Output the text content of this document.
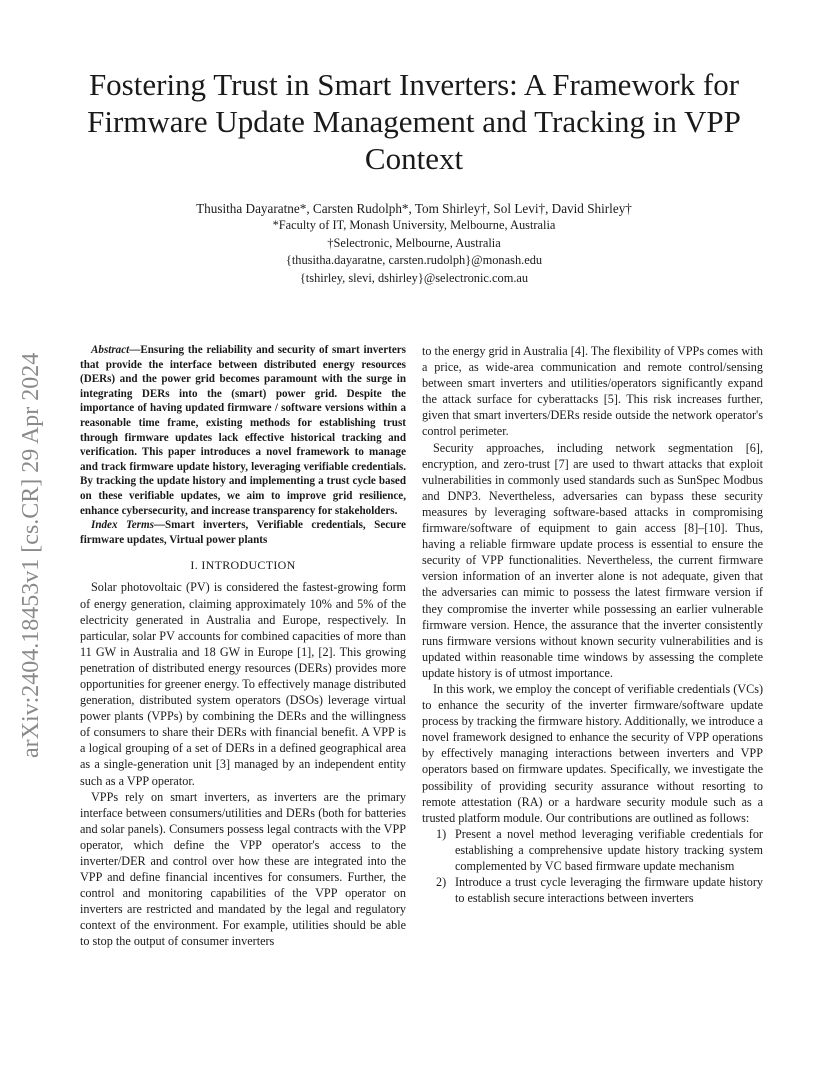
arXiv:2404.18453v1 [cs.CR] 29 Apr 2024
Fostering Trust in Smart Inverters: A Framework for Firmware Update Management and Tracking in VPP Context
Thusitha Dayaratne*, Carsten Rudolph*, Tom Shirley†, Sol Levi†, David Shirley†
*Faculty of IT, Monash University, Melbourne, Australia
†Selectronic, Melbourne, Australia
{thusitha.dayaratne, carsten.rudolph}@monash.edu
{tshirley, slevi, dshirley}@selectronic.com.au

Abstract—Ensuring the reliability and security of smart inverters that provide the interface between distributed energy resources (DERs) and the power grid becomes paramount with the surge in integrating DERs into the (smart) power grid. Despite the importance of having updated firmware / software versions within a reasonable time frame, existing methods for establishing trust through firmware updates lack effective historical tracking and verification. This paper introduces a novel framework to manage and track firmware update history, leveraging verifiable credentials. By tracking the update history and implementing a trust cycle based on these verifiable updates, we aim to improve grid resilience, enhance cybersecurity, and increase transparency for stakeholders.

Index Terms—Smart inverters, Verifiable credentials, Secure firmware updates, Virtual power plants

I. INTRODUCTION

Solar photovoltaic (PV) is considered the fastest-growing form of energy generation, claiming approximately 10% and 5% of the electricity generated in Australia and Europe, respectively. In particular, solar PV accounts for combined capacities of more than 11 GW in Australia and 18 GW in Europe [1], [2]. This growing penetration of distributed energy resources (DERs) provides more opportunities for greener energy. To effectively manage distributed generation, distributed system operators (DSOs) leverage virtual power plants (VPPs) by combining the DERs and the willingness of consumers to share their DERs with financial benefit. A VPP is a logical grouping of a set of DERs in a defined geographical area as a single-generation unit [3] managed by an independent entity such as a VPP operator.

VPPs rely on smart inverters, as inverters are the primary interface between consumers/utilities and DERs (both for batteries and solar panels). Consumers possess legal contracts with the VPP operator, which define the VPP operator's access to the inverter/DER and control over how these are integrated into the VPP and define financial incentives for consumers. Further, the control and monitoring capabilities of the VPP operator on inverters are restricted and mandated by the legal and regulatory context of the environment. For example, utilities should be able to stop the output of consumer inverters

to the energy grid in Australia [4]. The flexibility of VPPs comes with a price, as wide-area communication and remote control/sensing between smart inverters and utilities/operators significantly expand the attack surface for cyberattacks [5]. This risk increases further, given that smart inverters/DERs reside outside the network operator's control perimeter.

Security approaches, including network segmentation [6], encryption, and zero-trust [7] are used to thwart attacks that exploit vulnerabilities in commonly used standards such as SunSpec Modbus and DNP3. Nevertheless, adversaries can bypass these security measures by leveraging software-based attacks in compromising firmware/software of equipment to gain access [8]–[10]. Thus, having a reliable firmware update process is essential to ensure the security of VPP functionalities. Nevertheless, the current firmware version information of an inverter alone is not adequate, given that the adversaries can mimic to possess the latest firmware version if they compromise the inverter while possessing an earlier vulnerable firmware version. Hence, the assurance that the inverter consistently runs firmware versions without known security vulnerabilities and is updated within reasonable time windows by assessing the complete update history is of utmost importance.

In this work, we employ the concept of verifiable credentials (VCs) to enhance the security of the inverter firmware/software update process by tracking the firmware history. Additionally, we introduce a novel framework designed to enhance the security of VPP operations by effectively managing interactions between inverters and VPP operators based on firmware updates. Specifically, we investigate the possibility of providing security assurance without resorting to remote attestation (RA) or a hardware security module such as a trusted platform module. Our contributions are outlined as follows:

1) Present a novel method leveraging verifiable credentials for establishing a comprehensive update history tracking system complemented by VC based firmware update mechanism
2) Introduce a trust cycle leveraging the firmware update history to establish secure interactions between inverters
